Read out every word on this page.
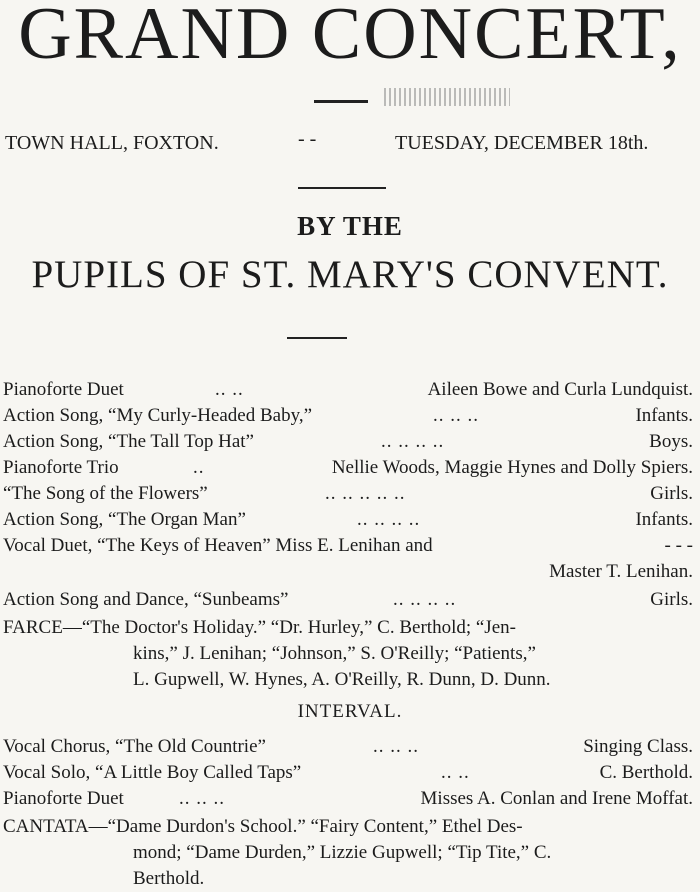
GRAND CONCERT,
TOWN HALL, FOXTON.	- -	TUESDAY, DECEMBER 18th.
BY THE
PUPILS OF ST. MARY'S CONVENT.
Pianoforte Duet	.. ..	Aileen Bowe and Curla Lundquist.
Action Song, “My Curly-Headed Baby,”	.. .. ..	Infants.
Action Song, “The Tall Top Hat”	.. .. .. ..	Boys.
Pianoforte Trio	..	Nellie Woods, Maggie Hynes and Dolly Spiers.
“The Song of the Flowers”	.. .. .. .. ..	Girls.
Action Song, “The Organ Man”	.. .. .. ..	Infants.
Vocal Duet, “The Keys of Heaven” Miss E. Lenihan and	- - -
Master T. Lenihan.
Action Song and Dance, “Sunbeams”	.. .. .. ..	Girls.
FARCE—“The Doctor's Holiday.” “Dr. Hurley,” C. Berthold; “Jen-
kins,” J. Lenihan; “Johnson,” S. O'Reilly; “Patients,”
L. Gupwell, W. Hynes, A. O'Reilly, R. Dunn, D. Dunn.
INTERVAL.
Vocal Chorus, “The Old Countrie”	.. .. ..	Singing Class.
Vocal Solo, “A Little Boy Called Taps”	.. ..	C. Berthold.
Pianoforte Duet	.. .. ..	Misses A. Conlan and Irene Moffat.
CANTATA—“Dame Durdon's School.” “Fairy Content,” Ethel Des-
mond; “Dame Durden,” Lizzie Gupwell; “Tip Tite,” C.
Berthold.
